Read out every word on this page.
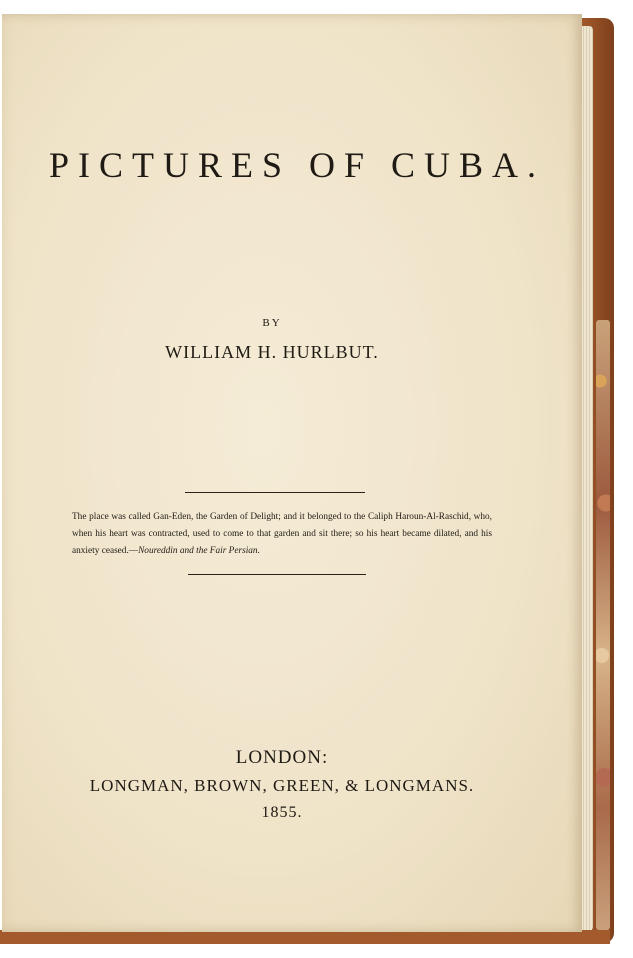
PICTURES OF CUBA.
BY
WILLIAM H. HURLBUT.
The place was called Gan-Eden, the Garden of Delight; and it belonged to the Caliph Haroun-Al-Raschid, who, when his heart was contracted, used to come to that garden and sit there; so his heart became dilated, and his anxiety ceased.—Noureddin and the Fair Persian.
LONDON:
LONGMAN, BROWN, GREEN, & LONGMANS.
1855.
